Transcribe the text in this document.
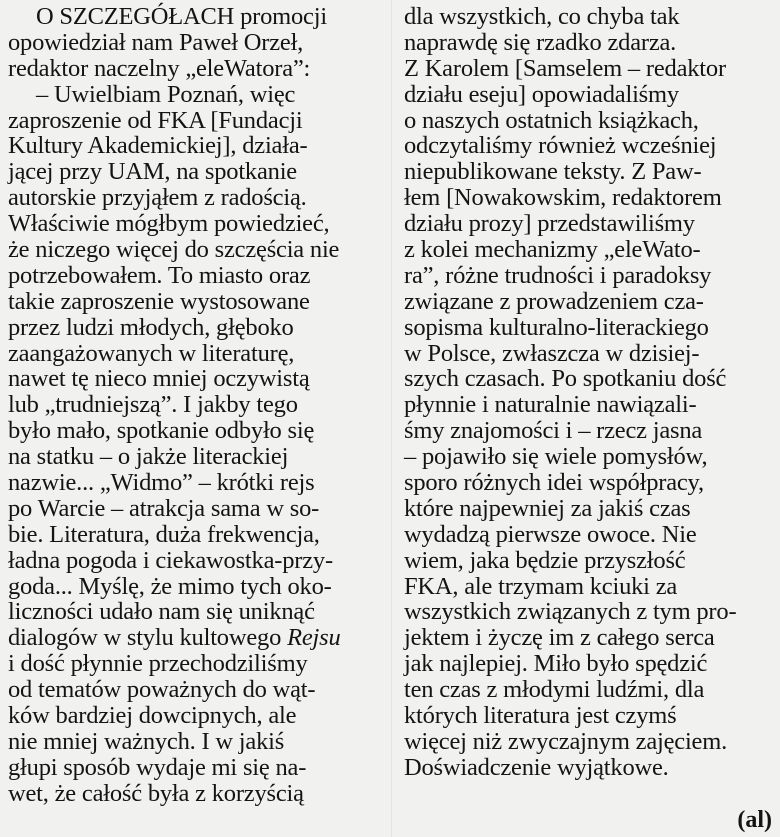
O SZCZEGÓŁACH promocji
opowiedział nam Paweł Orzeł,
redaktor naczelny „eleWatora”:
– Uwielbiam Poznań, więc
zaproszenie od FKA [Fundacji
Kultury Akademickiej], działa-
jącej przy UAM, na spotkanie
autorskie przyjąłem z radością.
Właściwie mógłbym powiedzieć,
że niczego więcej do szczęścia nie
potrzebowałem. To miasto oraz
takie zaproszenie wystosowane
przez ludzi młodych, głęboko
zaangażowanych w literaturę,
nawet tę nieco mniej oczywistą
lub „trudniejszą”. I jakby tego
było mało, spotkanie odbyło się
na statku – o jakże literackiej
nazwie... „Widmo” – krótki rejs
po Warcie – atrakcja sama w so-
bie. Literatura, duża frekwencja,
ładna pogoda i ciekawostka-przy-
goda... Myślę, że mimo tych oko-
liczności udało nam się uniknąć
dialogów w stylu kultowego Rejsu
i dość płynnie przechodziliśmy
od tematów poważnych do wąt-
ków bardziej dowcipnych, ale
nie mniej ważnych. I w jakiś
głupi sposób wydaje mi się na-
wet, że całość była z korzyścią
dla wszystkich, co chyba tak
naprawdę się rzadko zdarza.
Z Karolem [Samselem – redaktor
działu eseju] opowiadaliśmy
o naszych ostatnich książkach,
odczytaliśmy również wcześniej
niepublikowane teksty. Z Paw-
łem [Nowakowskim, redaktorem
działu prozy] przedstawiliśmy
z kolei mechanizmy „eleWato-
ra”, różne trudności i paradoksy
związane z prowadzeniem cza-
sopisma kulturalno-literackiego
w Polsce, zwłaszcza w dzisiej-
szych czasach. Po spotkaniu dość
płynnie i naturalnie nawiązali-
śmy znajomości i – rzecz jasna
– pojawiło się wiele pomysłów,
sporo różnych idei współpracy,
które najpewniej za jakiś czas
wydadzą pierwsze owoce. Nie
wiem, jaka będzie przyszłość
FKA, ale trzymam kciuki za
wszystkich związanych z tym pro-
jektem i życzę im z całego serca
jak najlepiej. Miło było spędzić
ten czas z młodymi ludźmi, dla
których literatura jest czymś
więcej niż zwyczajnym zajęciem.
Doświadczenie wyjątkowe.
(al)
